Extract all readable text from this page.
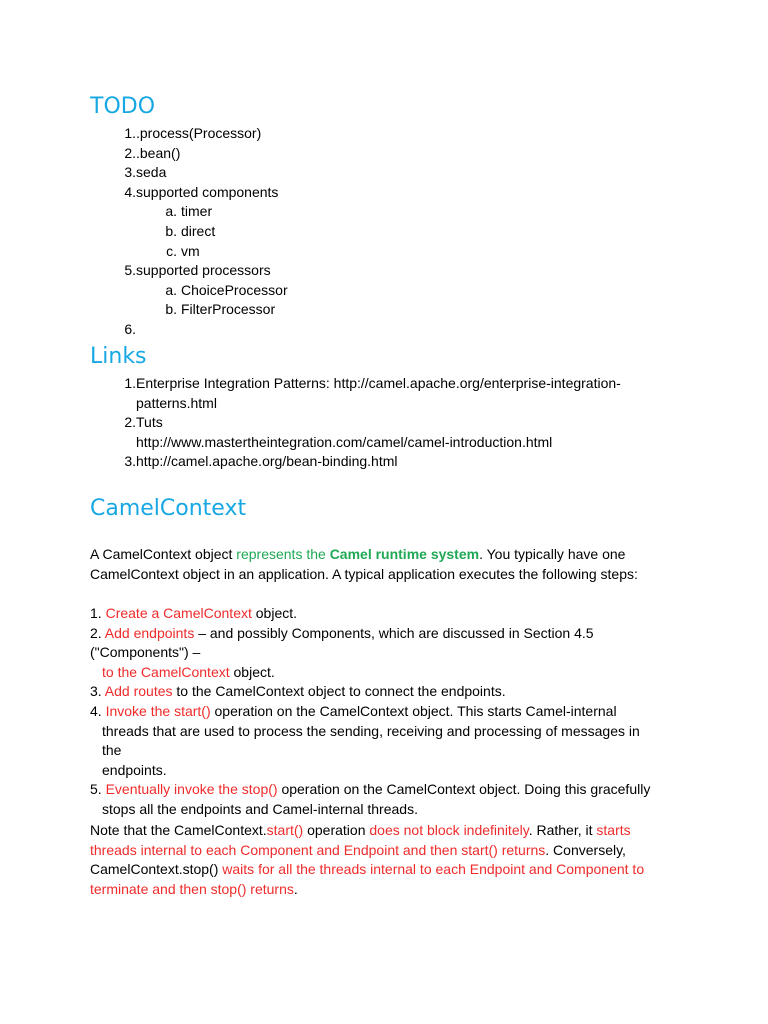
TODO
1. .process(Processor)
2. .bean()
3. seda
4. supported components
a. timer
b. direct
c. vm
5. supported processors
a. ChoiceProcessor
b. FilterProcessor
6.
Links
1. Enterprise Integration Patterns: http://camel.apache.org/enterprise-integration-
patterns.html
2. Tuts
http://www.mastertheintegration.com/camel/camel-introduction.html
3. http://camel.apache.org/bean-binding.html
CamelContext

A CamelContext object represents the Camel runtime system. You typically have one
CamelContext object in an application. A typical application executes the following steps:

1. Create a CamelContext object.
2. Add endpoints – and possibly Components, which are discussed in Section 4.5
("Components") –
to the CamelContext object.
3. Add routes to the CamelContext object to connect the endpoints.
4. Invoke the start() operation on the CamelContext object. This starts Camel-internal
threads that are used to process the sending, receiving and processing of messages in the
endpoints.
5. Eventually invoke the stop() operation on the CamelContext object. Doing this gracefully
stops all the endpoints and Camel-internal threads.

Note that the CamelContext.start() operation does not block indefinitely. Rather, it starts
threads internal to each Component and Endpoint and then start() returns. Conversely,
CamelContext.stop() waits for all the threads internal to each Endpoint and Component to
terminate and then stop() returns.
